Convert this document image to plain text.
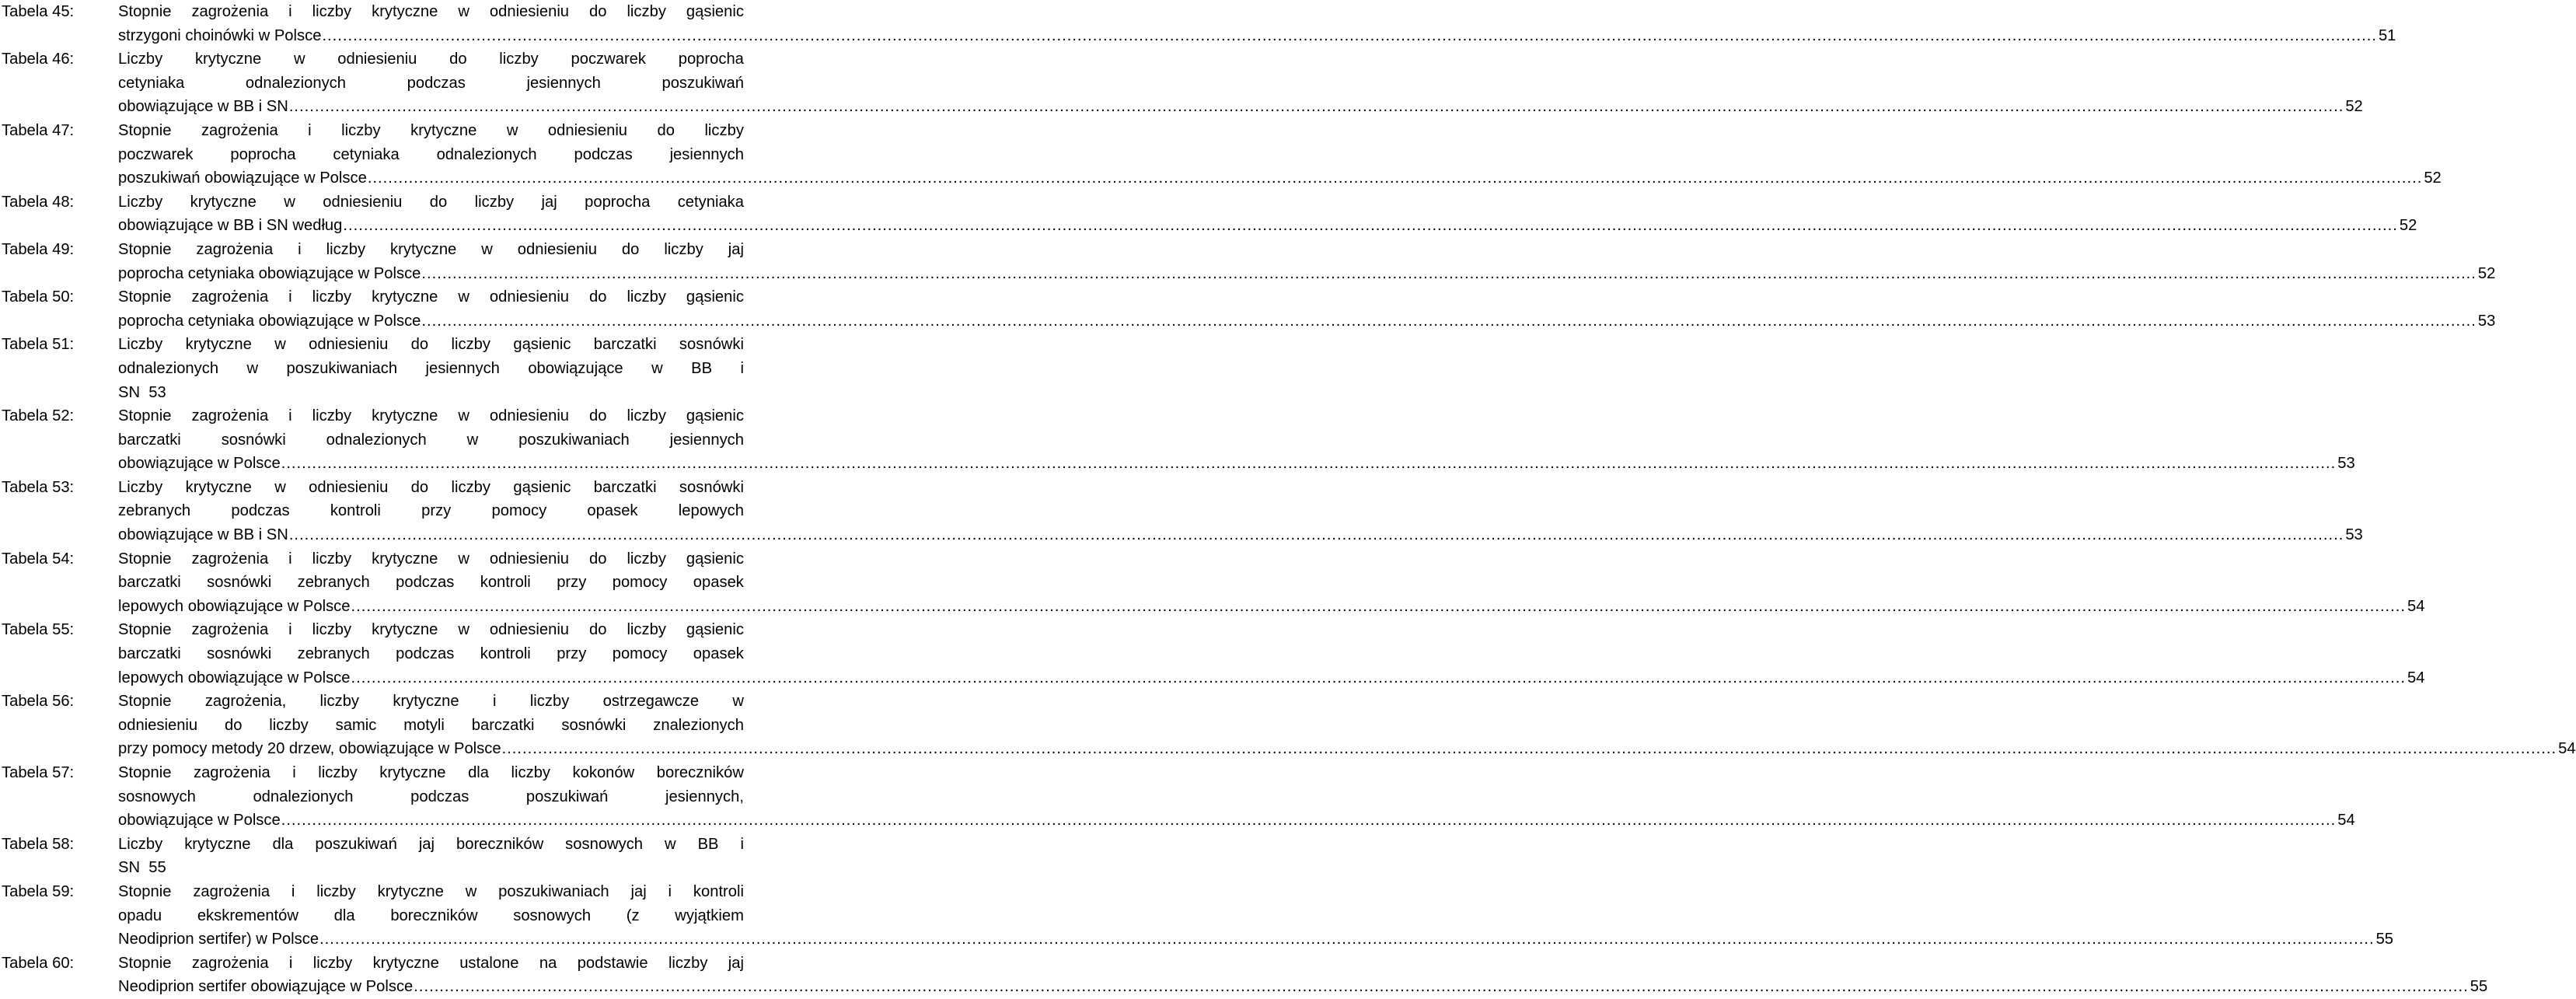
Tabela 45:	Stopnie zagrożenia i liczby krytyczne w odniesieniu do liczby gąsienic
strzygoni choinówki w Polsce ................................................................................................................................................................................................................................................................................................................................................................................................................ 51
Tabela 46:	Liczby krytyczne w odniesieniu do liczby poczwarek poprocha
cetyniaka	odnalezionych	podczas	jesiennych	poszukiwań
obowiązujące w BB i SN ................................................................................................................................................................................................................................................................................................................................................................................................................ 52
Tabela 47:	Stopnie zagrożenia i liczby krytyczne w odniesieniu do liczby
poczwarek poprocha cetyniaka odnalezionych podczas jesiennych
poszukiwań obowiązujące w Polsce ................................................................................................................................................................................................................................................................................................................................................................................................................ 52
Tabela 48:	Liczby krytyczne w odniesieniu do liczby jaj poprocha cetyniaka
obowiązujące w BB i SN według ................................................................................................................................................................................................................................................................................................................................................................................................................ 52
Tabela 49:	Stopnie zagrożenia i liczby krytyczne w odniesieniu do liczby jaj
poprocha cetyniaka obowiązujące w Polsce ................................................................................................................................................................................................................................................................................................................................................................................................................ 52
Tabela 50:	Stopnie zagrożenia i liczby krytyczne w odniesieniu do liczby gąsienic
poprocha cetyniaka obowiązujące w Polsce ................................................................................................................................................................................................................................................................................................................................................................................................................ 53
Tabela 51:	Liczby krytyczne w odniesieniu do liczby gąsienic barczatki sosnówki
odnalezionych w poszukiwaniach jesiennych obowiązujące w BB i
SN  53
Tabela 52:	Stopnie zagrożenia i liczby krytyczne w odniesieniu do liczby gąsienic
barczatki	sosnówki	odnalezionych	w	poszukiwaniach	jesiennych
obowiązujące w Polsce ................................................................................................................................................................................................................................................................................................................................................................................................................ 53
Tabela 53:	Liczby krytyczne w odniesieniu do liczby gąsienic barczatki sosnówki
zebranych	podczas	kontroli	przy	pomocy	opasek	lepowych
obowiązujące w BB i SN ................................................................................................................................................................................................................................................................................................................................................................................................................ 53
Tabela 54:	Stopnie zagrożenia i liczby krytyczne w odniesieniu do liczby gąsienic
barczatki sosnówki zebranych podczas kontroli przy pomocy opasek
lepowych obowiązujące w Polsce ................................................................................................................................................................................................................................................................................................................................................................................................................ 54
Tabela 55:	Stopnie zagrożenia i liczby krytyczne w odniesieniu do liczby gąsienic
barczatki sosnówki zebranych podczas kontroli przy pomocy opasek
lepowych obowiązujące w Polsce ................................................................................................................................................................................................................................................................................................................................................................................................................ 54
Tabela 56:	Stopnie zagrożenia, liczby krytyczne i liczby ostrzegawcze w
odniesieniu do liczby samic motyli barczatki sosnówki znalezionych
przy pomocy metody 20 drzew, obowiązujące w Polsce ................................................................................................................................................................................................................................................................................................................................................................................................................ 54
Tabela 57:	Stopnie zagrożenia i liczby krytyczne dla liczby kokonów boreczników
sosnowych	odnalezionych	podczas	poszukiwań	jesiennych,
obowiązujące w Polsce ................................................................................................................................................................................................................................................................................................................................................................................................................ 54
Tabela 58:	Liczby krytyczne dla poszukiwań jaj boreczników sosnowych w BB i
SN  55
Tabela 59:	Stopnie zagrożenia i liczby krytyczne w poszukiwaniach jaj i kontroli
opadu ekskrementów dla boreczników sosnowych (z wyjątkiem
Neodiprion sertifer) w Polsce ................................................................................................................................................................................................................................................................................................................................................................................................................ 55
Tabela 60:	Stopnie zagrożenia i liczby krytyczne ustalone na podstawie liczby jaj
Neodiprion sertifer obowiązujące w Polsce ................................................................................................................................................................................................................................................................................................................................................................................................................ 55
